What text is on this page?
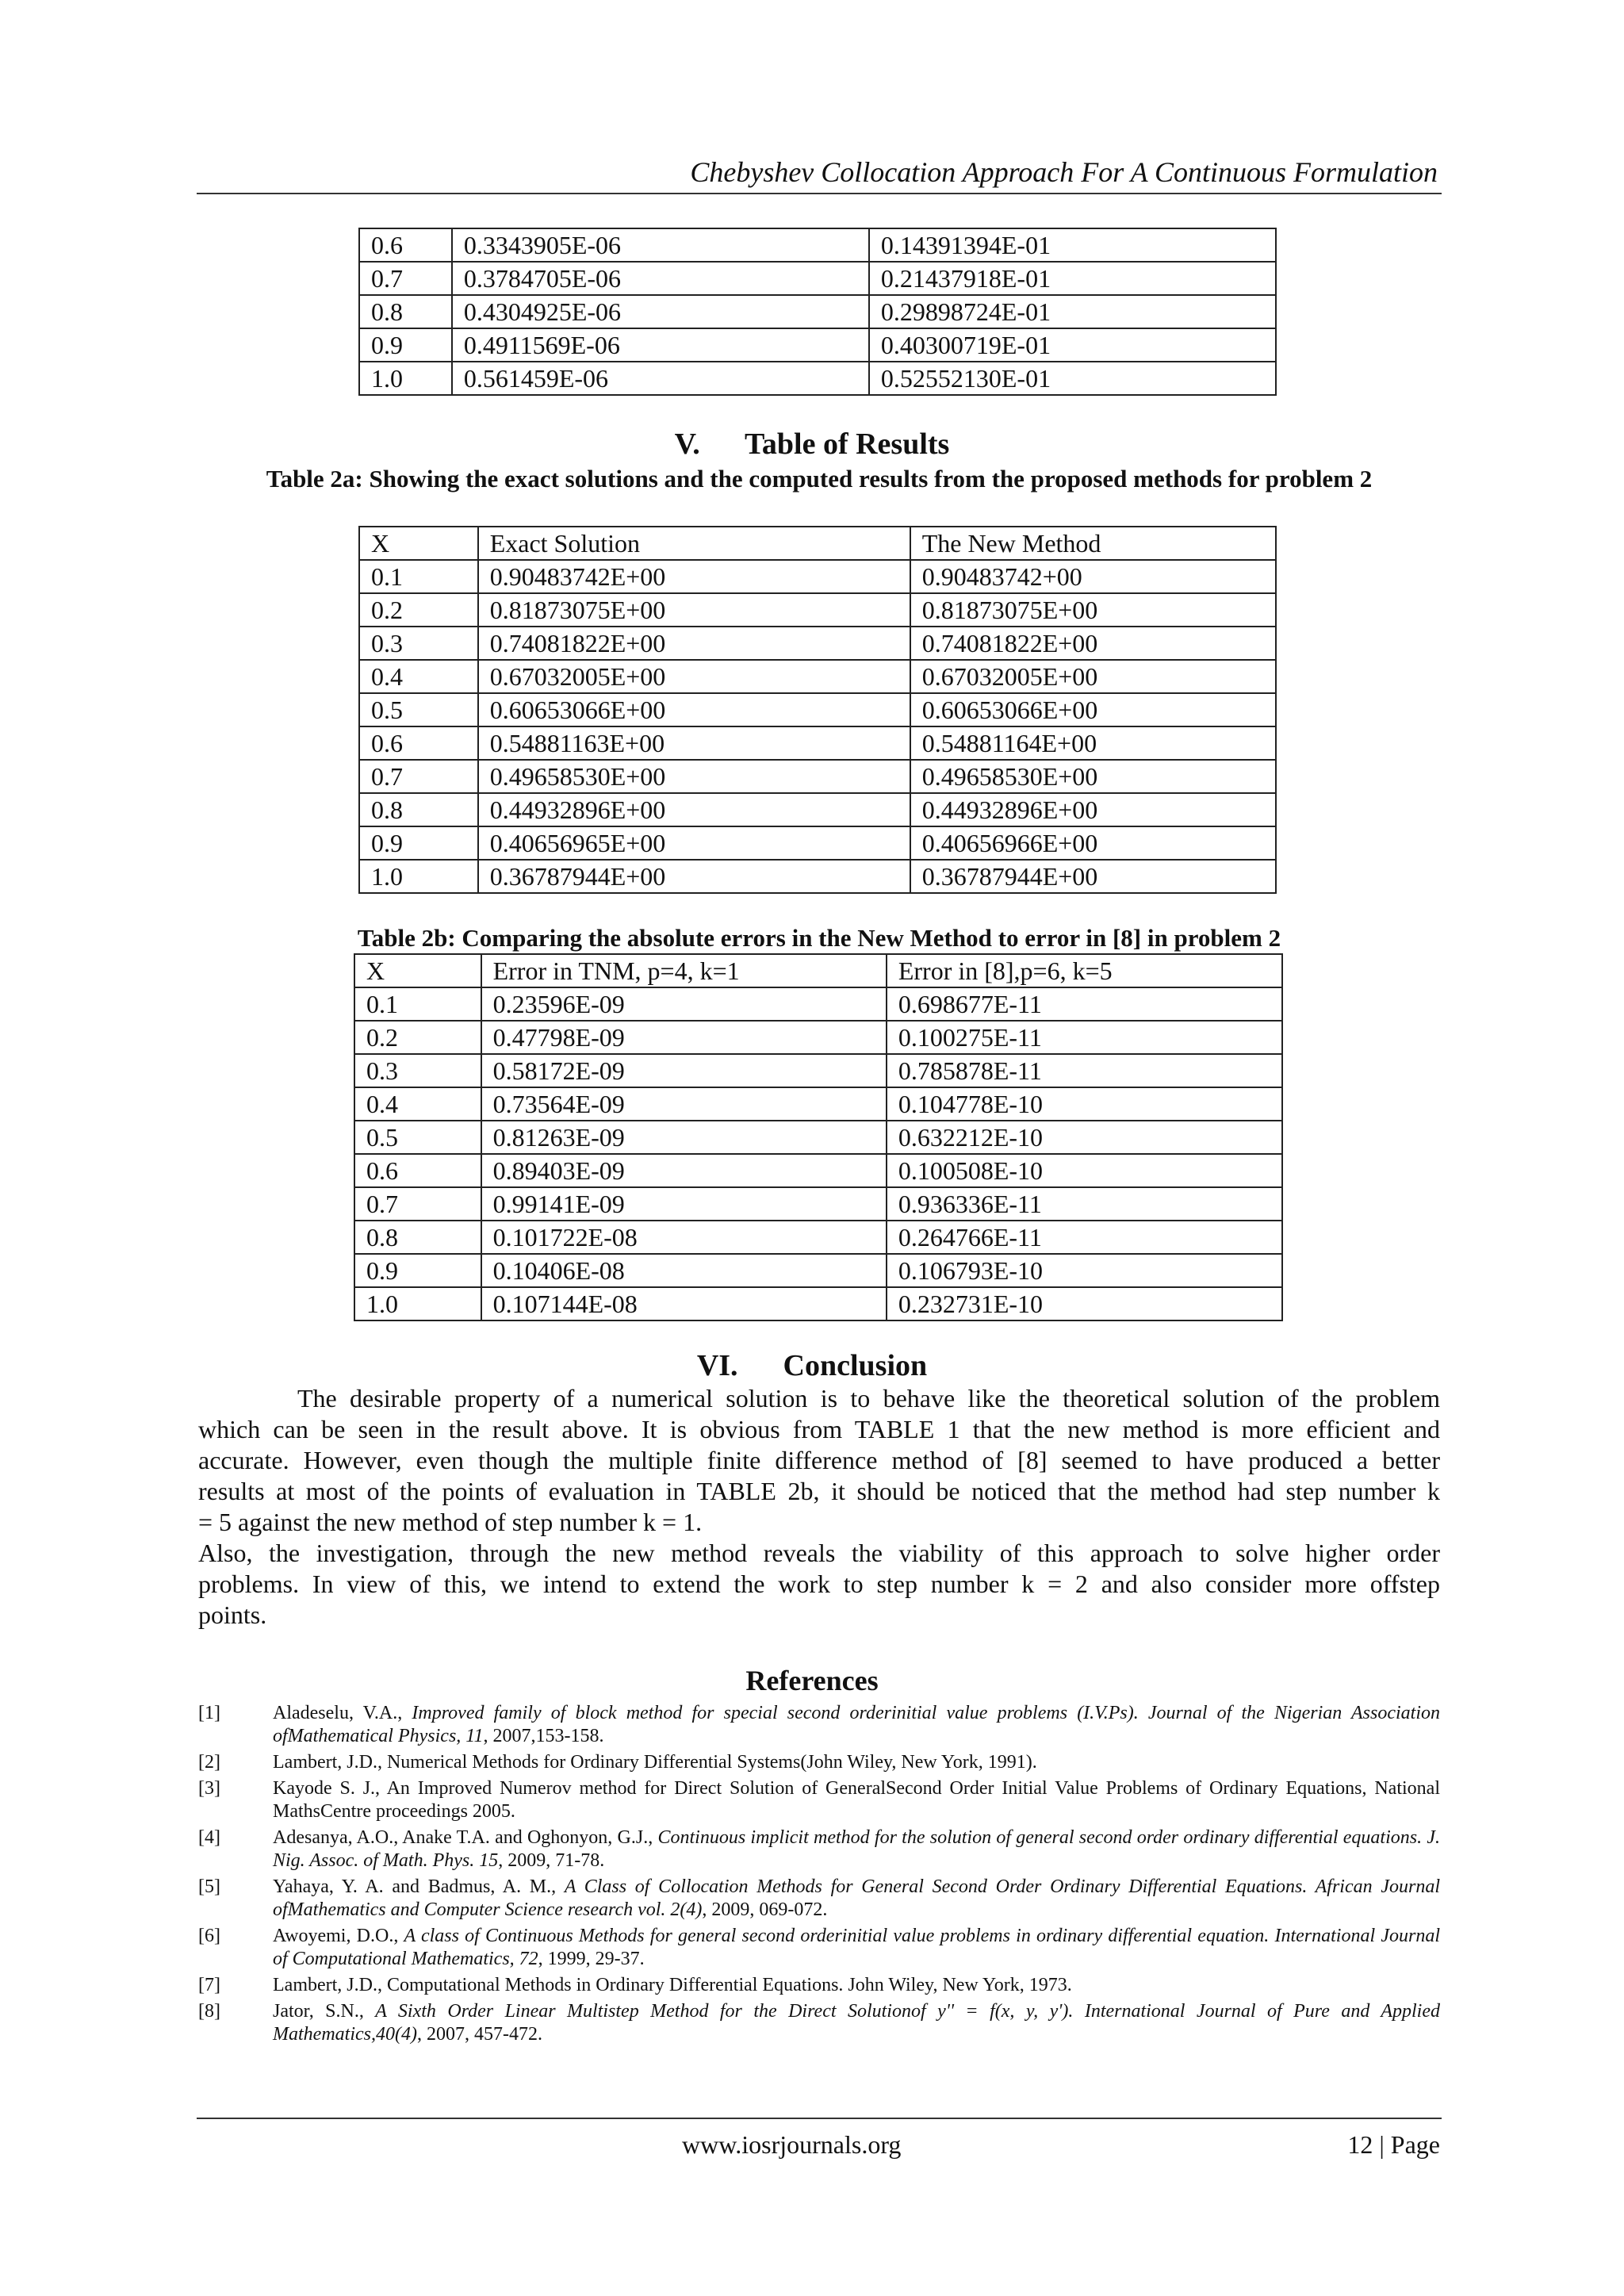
Chebyshev Collocation Approach For A Continuous Formulation
0.6	0.3343905E-06	0.14391394E-01
0.7	0.3784705E-06	0.21437918E-01
0.8	0.4304925E-06	0.29898724E-01
0.9	0.4911569E-06	0.40300719E-01
1.0	0.561459E-06	0.52552130E-01
V. Table of Results
Table 2a: Showing the exact solutions and the computed results from the proposed methods for problem 2
X	Exact Solution	The New Method
0.1	0.90483742E+00	0.90483742+00
0.2	0.81873075E+00	0.81873075E+00
0.3	0.74081822E+00	0.74081822E+00
0.4	0.67032005E+00	0.67032005E+00
0.5	0.60653066E+00	0.60653066E+00
0.6	0.54881163E+00	0.54881164E+00
0.7	0.49658530E+00	0.49658530E+00
0.8	0.44932896E+00	0.44932896E+00
0.9	0.40656965E+00	0.40656966E+00
1.0	0.36787944E+00	0.36787944E+00
Table 2b: Comparing the absolute errors in the New Method to error in [8] in problem 2
X	Error in TNM, p=4, k=1	Error in [8],p=6, k=5
0.1	0.23596E-09	0.698677E-11
0.2	0.47798E-09	0.100275E-11
0.3	0.58172E-09	0.785878E-11
0.4	0.73564E-09	0.104778E-10
0.5	0.81263E-09	0.632212E-10
0.6	0.89403E-09	0.100508E-10
0.7	0.99141E-09	0.936336E-11
0.8	0.101722E-08	0.264766E-11
0.9	0.10406E-08	0.106793E-10
1.0	0.107144E-08	0.232731E-10
VI. Conclusion
The desirable property of a numerical solution is to behave like the theoretical solution of the problem
which can be seen in the result above. It is obvious from TABLE 1 that the new method is more efficient and
accurate. However, even though the multiple finite difference method of [8] seemed to have produced a better
results at most of the points of evaluation in TABLE 2b, it should be noticed that the method had step number k
= 5 against the new method of step number k = 1.
Also, the investigation, through the new method reveals the viability of this approach to solve higher order
problems. In view of this, we intend to extend the work to step number k = 2 and also consider more offstep
points.
References
[1]	Aladeselu, V.A., Improved family of block method for special second orderinitial value problems (I.V.Ps). Journal of the Nigerian Association ofMathematical Physics, 11, 2007,153-158.
[2]	Lambert, J.D., Numerical Methods for Ordinary Differential Systems(John Wiley, New York, 1991).
[3]	Kayode S. J., An Improved Numerov method for Direct Solution of GeneralSecond Order Initial Value Problems of Ordinary Equations, National MathsCentre proceedings 2005.
[4]	Adesanya, A.O., Anake T.A. and Oghonyon, G.J., Continuous implicit method for the solution of general second order ordinary differential equations. J. Nig. Assoc. of Math. Phys. 15, 2009, 71-78.
[5]	Yahaya, Y. A. and Badmus, A. M., A Class of Collocation Methods for General Second Order Ordinary Differential Equations. African Journal ofMathematics and Computer Science research vol. 2(4), 2009, 069-072.
[6]	Awoyemi, D.O., A class of Continuous Methods for general second orderinitial value problems in ordinary differential equation. International Journal of Computational Mathematics, 72, 1999, 29-37.
[7]	Lambert, J.D., Computational Methods in Ordinary Differential Equations. John Wiley, New York, 1973.
[8]	Jator, S.N., A Sixth Order Linear Multistep Method for the Direct Solutionof y'' = f(x, y, y'). International Journal of Pure and Applied Mathematics,40(4), 2007, 457-472.
www.iosrjournals.org	12 | Page
